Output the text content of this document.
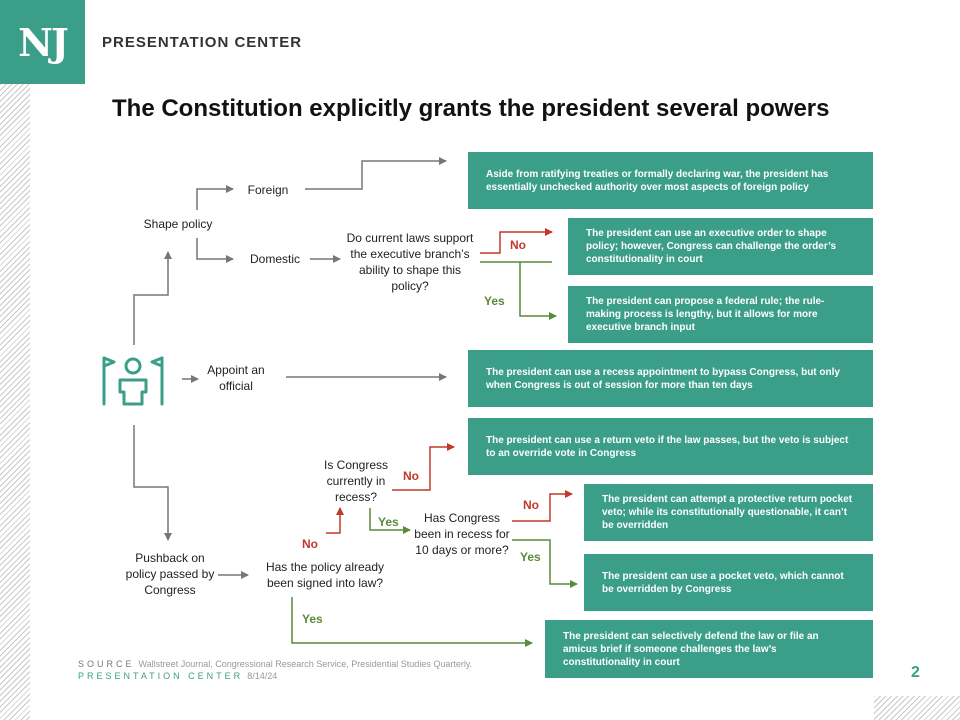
NJ	PRESENTATION CENTER
The Constitution explicitly grants the president several powers
Shape policy
Foreign
Domestic
Do current laws support the executive branch’s ability to shape this policy?
Appoint an official
Pushback on policy passed by Congress
Has the policy already been signed into law?
Is Congress currently in recess?
Has Congress been in recess for 10 days or more?
No
Yes
No
Yes
No
Yes
No
Yes
Aside from ratifying treaties or formally declaring war, the president has essentially unchecked authority over most aspects of foreign policy
The president can use an executive order to shape policy; however, Congress can challenge the order’s constitutionality in court
The president can propose a federal rule; the rule-making process is lengthy, but it allows for more executive branch input
The president can use a recess appointment to bypass Congress, but only when Congress is out of session for more than ten days
The president can use a return veto if the law passes, but the veto is subject to an override vote in Congress
The president can attempt a protective return pocket veto; while its constitutionally questionable, it can’t be overridden
The president can use a pocket veto, which cannot be overridden by Congress
The president can selectively defend the law or file an amicus brief if someone challenges the law’s constitutionality in court
SOURCE Wallstreet Journal, Congressional Research Service, Presidential Studies Quarterly.
PRESENTATION CENTER 8/14/24	2
